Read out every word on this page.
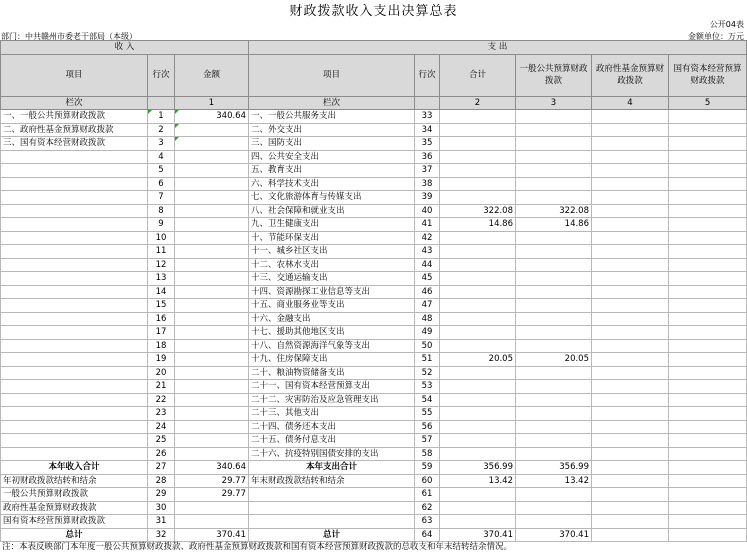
财政拨款收入支出决算总表
公开04表
部门：中共赣州市委老干部局（本级）	金额单位：万元
收 入			支 出					
项目	行次	金额	项目	行次	合计	一般公共预算财政拨款	政府性基金预算财政拨款	国有资本经营预算财政拨款
栏次		1	栏次		2	3	4	5
一、一般公共预算财政拨款	1	340.64	一、一般公共服务支出	33				
二、政府性基金预算财政拨款	2		二、外交支出	34				
三、国有资本经营财政拨款	3		三、国防支出	35				
	4		四、公共安全支出	36				
	5		五、教育支出	37				
	6		六、科学技术支出	38				
	7		七、文化旅游体育与传媒支出	39				
	8		八、社会保障和就业支出	40	322.08	322.08		
	9		九、卫生健康支出	41	14.86	14.86		
	10		十、节能环保支出	42				
	11		十一、城乡社区支出	43				
	12		十二、农林水支出	44				
	13		十三、交通运输支出	45				
	14		十四、资源勘探工业信息等支出	46				
	15		十五、商业服务业等支出	47				
	16		十六、金融支出	48				
	17		十七、援助其他地区支出	49				
	18		十八、自然资源海洋气象等支出	50				
	19		十九、住房保障支出	51	20.05	20.05		
	20		二十、粮油物资储备支出	52				
	21		二十一、国有资本经营预算支出	53				
	22		二十二、灾害防治及应急管理支出	54				
	23		二十三、其他支出	55				
	24		二十四、债务还本支出	56				
	25		二十五、债务付息支出	57				
	26		二十六、抗疫特别国债安排的支出	58				
本年收入合计	27	340.64	本年支出合计	59	356.99	356.99		
年初财政拨款结转和结余	28	29.77	年末财政拨款结转和结余	60	13.42	13.42		
一般公共预算财政拨款	29	29.77		61				
政府性基金预算财政拨款	30			62				
国有资本经营预算财政拨款	31			63				
总计	32	370.41	总计	64	370.41	370.41		
注：本表反映部门本年度一般公共预算财政拨款、政府性基金预算财政拨款和国有资本经营预算财政拨款的总收支和年末结转结余情况。
